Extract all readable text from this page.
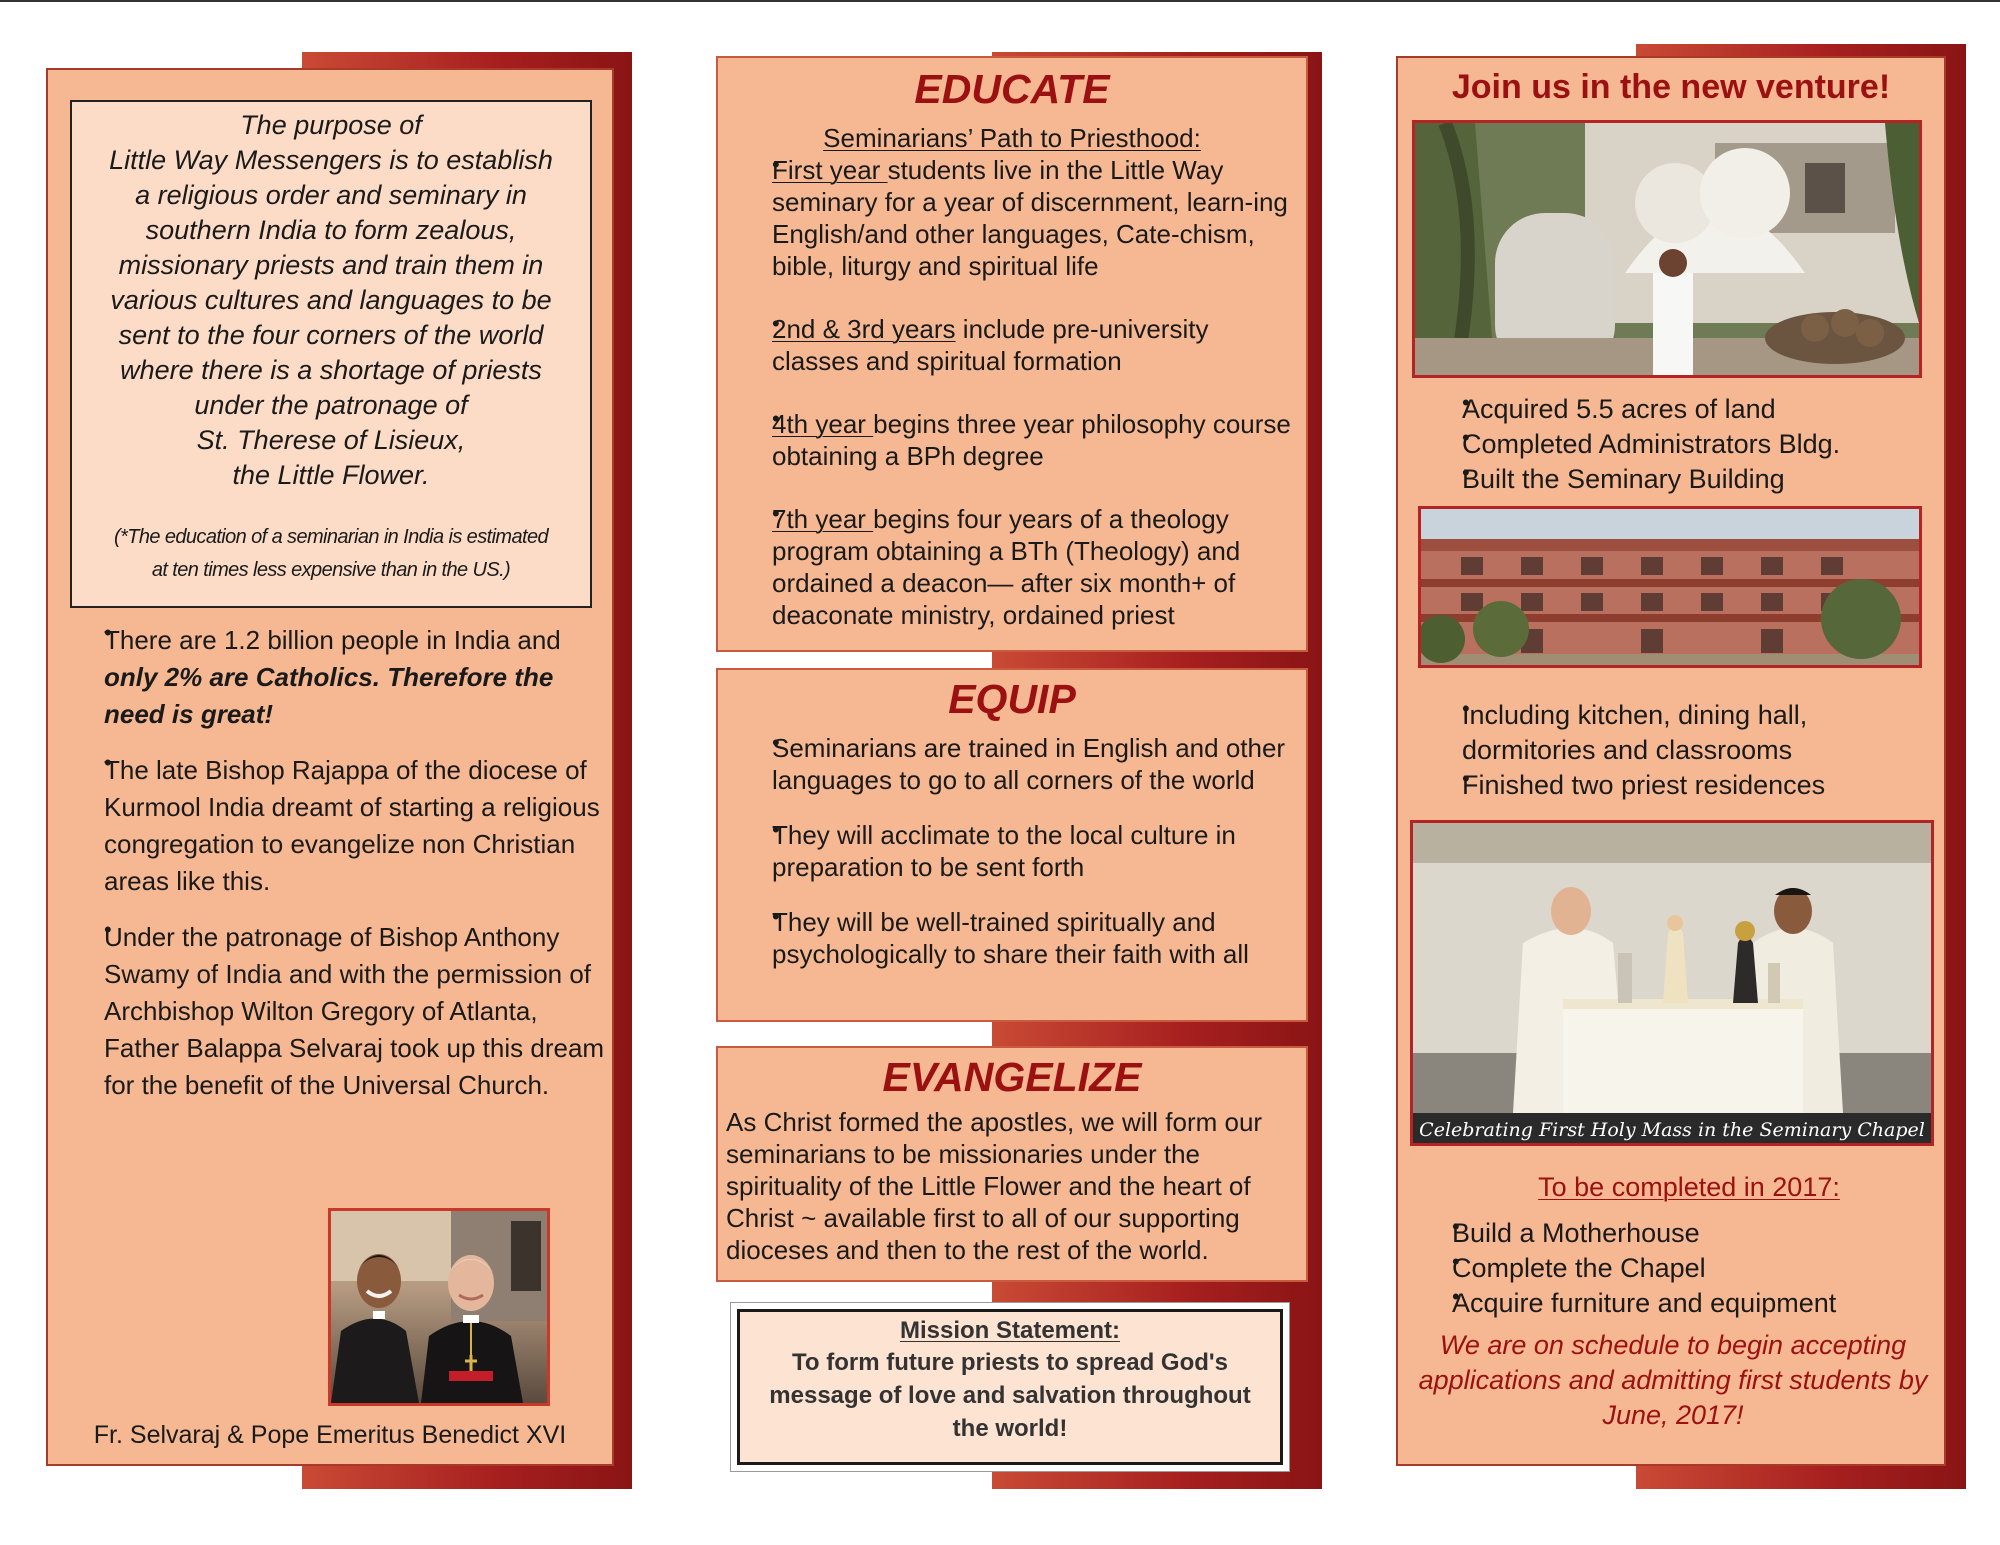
The purpose of
Little Way Messengers is to establish
a religious order and seminary in
southern India to form zealous,
missionary priests and train them in
various cultures and languages to be
sent to the four corners of the world
where there is a shortage of priests
under the patronage of
St. Therese of Lisieux,
the Little Flower.
(*The education of a seminarian in India is estimated
at ten times less expensive than in the US.)
• There are 1.2 billion people in India and only 2% are Catholics. Therefore the need is great!
• The late Bishop Rajappa of the diocese of Kurmool India dreamt of starting a religious congregation to evangelize non Christian areas like this.
• Under the patronage of Bishop Anthony Swamy of India and with the permission of Archbishop Wilton Gregory of Atlanta, Father Balappa Selvaraj took up this dream for the benefit of the Universal Church.
Fr. Selvaraj & Pope Emeritus Benedict XVI
EDUCATE
Seminarians’ Path to Priesthood:
• First year students live in the Little Way seminary for a year of discernment, learn-ing English/and other languages, Cate-chism, bible, liturgy and spiritual life
• 2nd & 3rd years include pre-university classes and spiritual formation
• 4th year begins three year philosophy course obtaining a BPh degree
• 7th year begins four years of a theology program obtaining a BTh (Theology) and ordained a deacon— after six month+ of deaconate ministry, ordained priest
EQUIP
• Seminarians are trained in English and other languages to go to all corners of the world
• They will acclimate to the local culture in preparation to be sent forth
• They will be well-trained spiritually and psychologically to share their faith with all
EVANGELIZE
As Christ formed the apostles, we will form our seminarians to be missionaries under the spirituality of the Little Flower and the heart of Christ ~ available first to all of our supporting dioceses and then to the rest of the world.
Mission Statement:
To form future priests to spread God's message of love and salvation throughout the world!
Join us in the new venture!
• Acquired 5.5 acres of land
• Completed Administrators Bldg.
• Built the Seminary Building
• Including kitchen, dining hall, dormitories and classrooms
• Finished two priest residences
Celebrating First Holy Mass in the Seminary Chapel
To be completed in 2017:
• Build a Motherhouse
• Complete the Chapel
• Acquire furniture and equipment
We are on schedule to begin accepting applications and admitting first students by June, 2017!
